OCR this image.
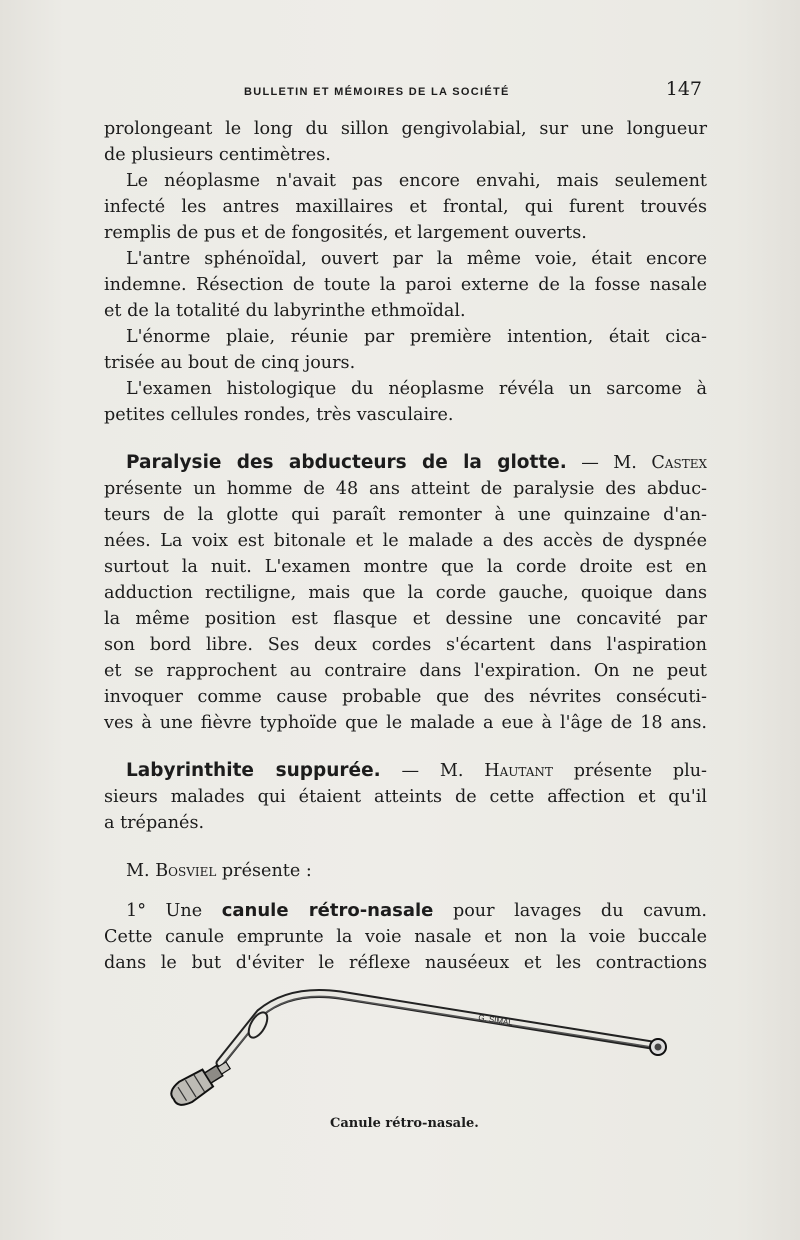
BULLETIN ET MÉMOIRES DE LA SOCIÉTÉ	147
prolongeant le long du sillon gengivolabial, sur une longueur
de plusieurs centimètres.
Le néoplasme n'avait pas encore envahi, mais seulement
infecté les antres maxillaires et frontal, qui furent trouvés
remplis de pus et de fongosités, et largement ouverts.
L'antre sphénoïdal, ouvert par la même voie, était encore
indemne. Résection de toute la paroi externe de la fosse nasale
et de la totalité du labyrinthe ethmoïdal.
L'énorme plaie, réunie par première intention, était cica-
trisée au bout de cinq jours.
L'examen histologique du néoplasme révéla un sarcome à
petites cellules rondes, très vasculaire.
Paralysie des abducteurs de la glotte. — M. Castex
présente un homme de 48 ans atteint de paralysie des abduc-
teurs de la glotte qui paraît remonter à une quinzaine d'an-
nées. La voix est bitonale et le malade a des accès de dyspnée
surtout la nuit. L'examen montre que la corde droite est en
adduction rectiligne, mais que la corde gauche, quoique dans
la même position est flasque et dessine une concavité par
son bord libre. Ses deux cordes s'écartent dans l'aspiration
et se rapprochent au contraire dans l'expiration. On ne peut
invoquer comme cause probable que des névrites consécuti-
ves à une fièvre typhoïde que le malade a eue à l'âge de 18 ans.
Labyrinthite suppurée. — M. Hautant présente plu-
sieurs malades qui étaient atteints de cette affection et qu'il
a trépanés.
M. Bosviel présente :
1° Une canule rétro-nasale pour lavages du cavum.
Cette canule emprunte la voie nasale et non la voie buccale
dans le but d'éviter le réflexe nauséeux et les contractions
G. SIMAL
Canule rétro-nasale.
